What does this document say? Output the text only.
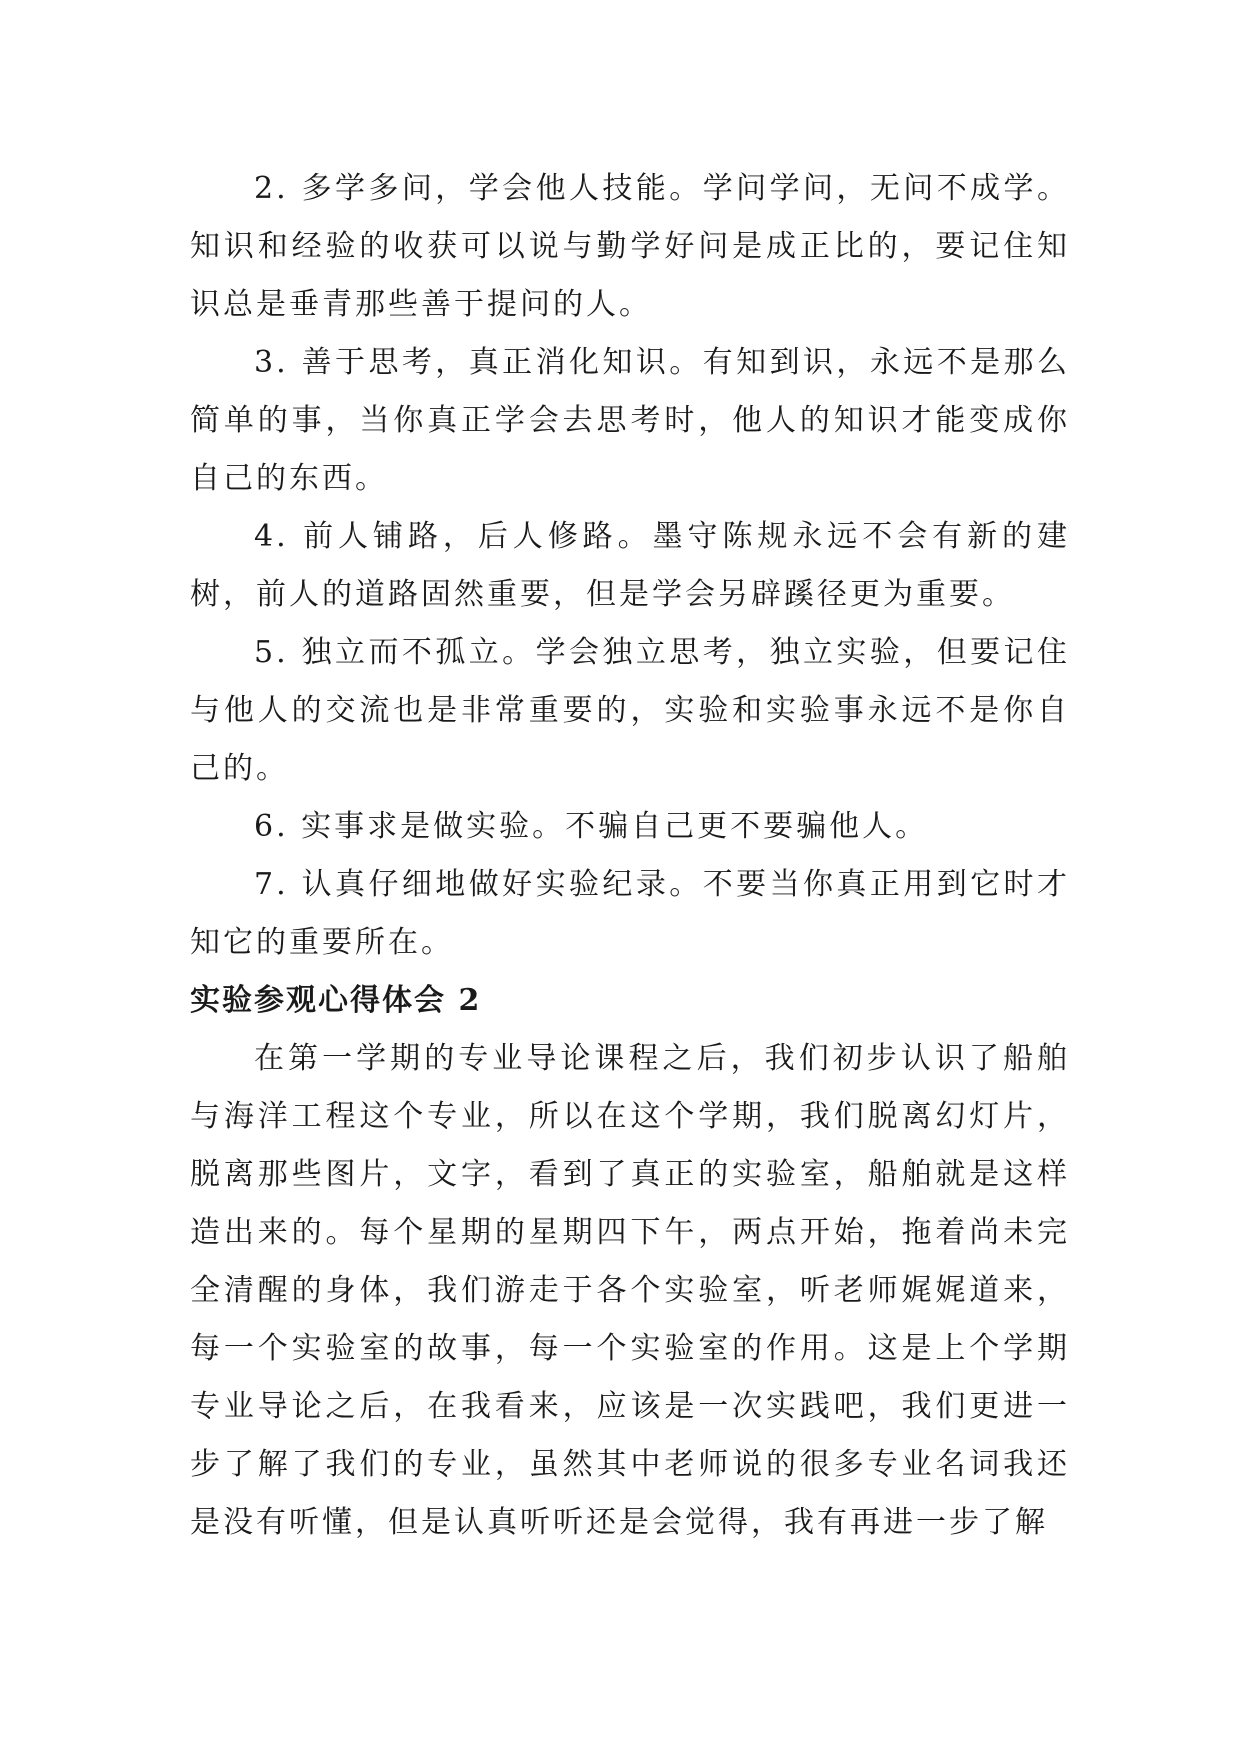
2. 多学多问，学会他人技能。学问学问，无问不成学。知识和经验的收获可以说与勤学好问是成正比的，要记住知识总是垂青那些善于提问的人。

3. 善于思考，真正消化知识。有知到识，永远不是那么简单的事，当你真正学会去思考时，他人的知识才能变成你自己的东西。

4. 前人铺路，后人修路。墨守陈规永远不会有新的建树，前人的道路固然重要，但是学会另辟蹊径更为重要。

5. 独立而不孤立。学会独立思考，独立实验，但要记住与他人的交流也是非常重要的，实验和实验事永远不是你自己的。

6. 实事求是做实验。不骗自己更不要骗他人。

7. 认真仔细地做好实验纪录。不要当你真正用到它时才知它的重要所在。

实验参观心得体会 2

在第一学期的专业导论课程之后，我们初步认识了船舶与海洋工程这个专业，所以在这个学期，我们脱离幻灯片，脱离那些图片，文字，看到了真正的实验室，船舶就是这样造出来的。每个星期的星期四下午，两点开始，拖着尚未完全清醒的身体，我们游走于各个实验室，听老师娓娓道来，每一个实验室的故事，每一个实验室的作用。这是上个学期专业导论之后，在我看来，应该是一次实践吧，我们更进一步了解了我们的专业，虽然其中老师说的很多专业名词我还是没有听懂，但是认真听听还是会觉得，我有再进一步了解
